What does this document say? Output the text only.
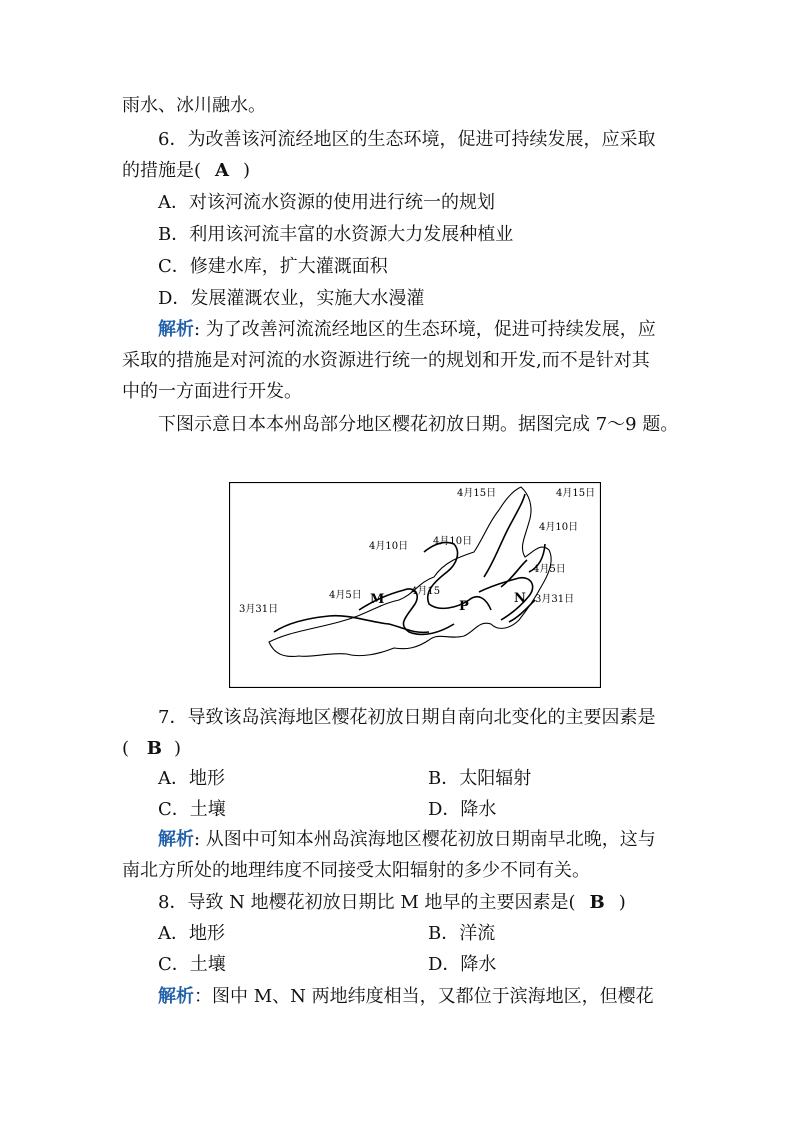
雨水、冰川融水。
6．为改善该河流经地区的生态环境，促进可持续发展，应采取
的措施是( A )
A．对该河流水资源的使用进行统一的规划
B．利用该河流丰富的水资源大力发展种植业
C．修建水库，扩大灌溉面积
D．发展灌溉农业，实施大水漫灌
解析: 为了改善河流流经地区的生态环境，促进可持续发展，应
采取的措施是对河流的水资源进行统一的规划和开发,而不是针对其
中的一方面进行开发。
下图示意日本本州岛部分地区樱花初放日期。据图完成 7～9 题。
4月15日	4月15日
4月10日
4月10日 4月10日
4月5日
4月5日	4月15
3月31日
3月31日
M	N
P
7．导致该岛滨海地区樱花初放日期自南向北变化的主要因素是
( B )
A．地形	B．太阳辐射
C．土壤	D．降水
解析: 从图中可知本州岛滨海地区樱花初放日期南早北晚，这与
南北方所处的地理纬度不同接受太阳辐射的多少不同有关。
8．导致 N 地樱花初放日期比 M 地早的主要因素是( B )
A．地形	B．洋流
C．土壤	D．降水
解析：图中 M、N 两地纬度相当，又都位于滨海地区，但樱花
